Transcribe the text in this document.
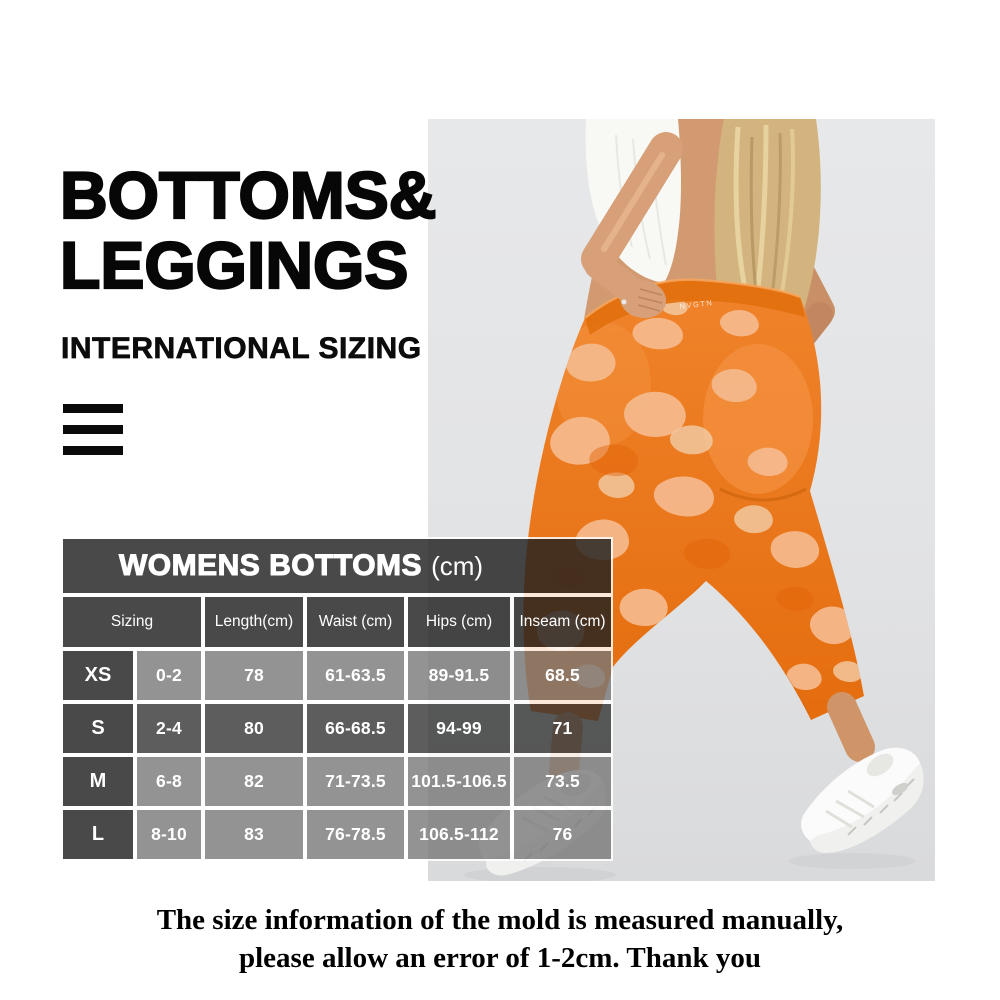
NVGTN
BOTTOMS&
LEGGINGS
INTERNATIONAL SIZING
WOMENS BOTTOMS (cm)
Sizing	Length(cm)	Waist (cm)	Hips (cm)	Inseam (cm)
XS	0-2	78	61-63.5	89-91.5	68.5
S	2-4	80	66-68.5	94-99	71
M	6-8	82	71-73.5	101.5-106.5	73.5
L	8-10	83	76-78.5	106.5-112	76
The size information of the mold is measured manually,
please allow an error of 1-2cm. Thank you
